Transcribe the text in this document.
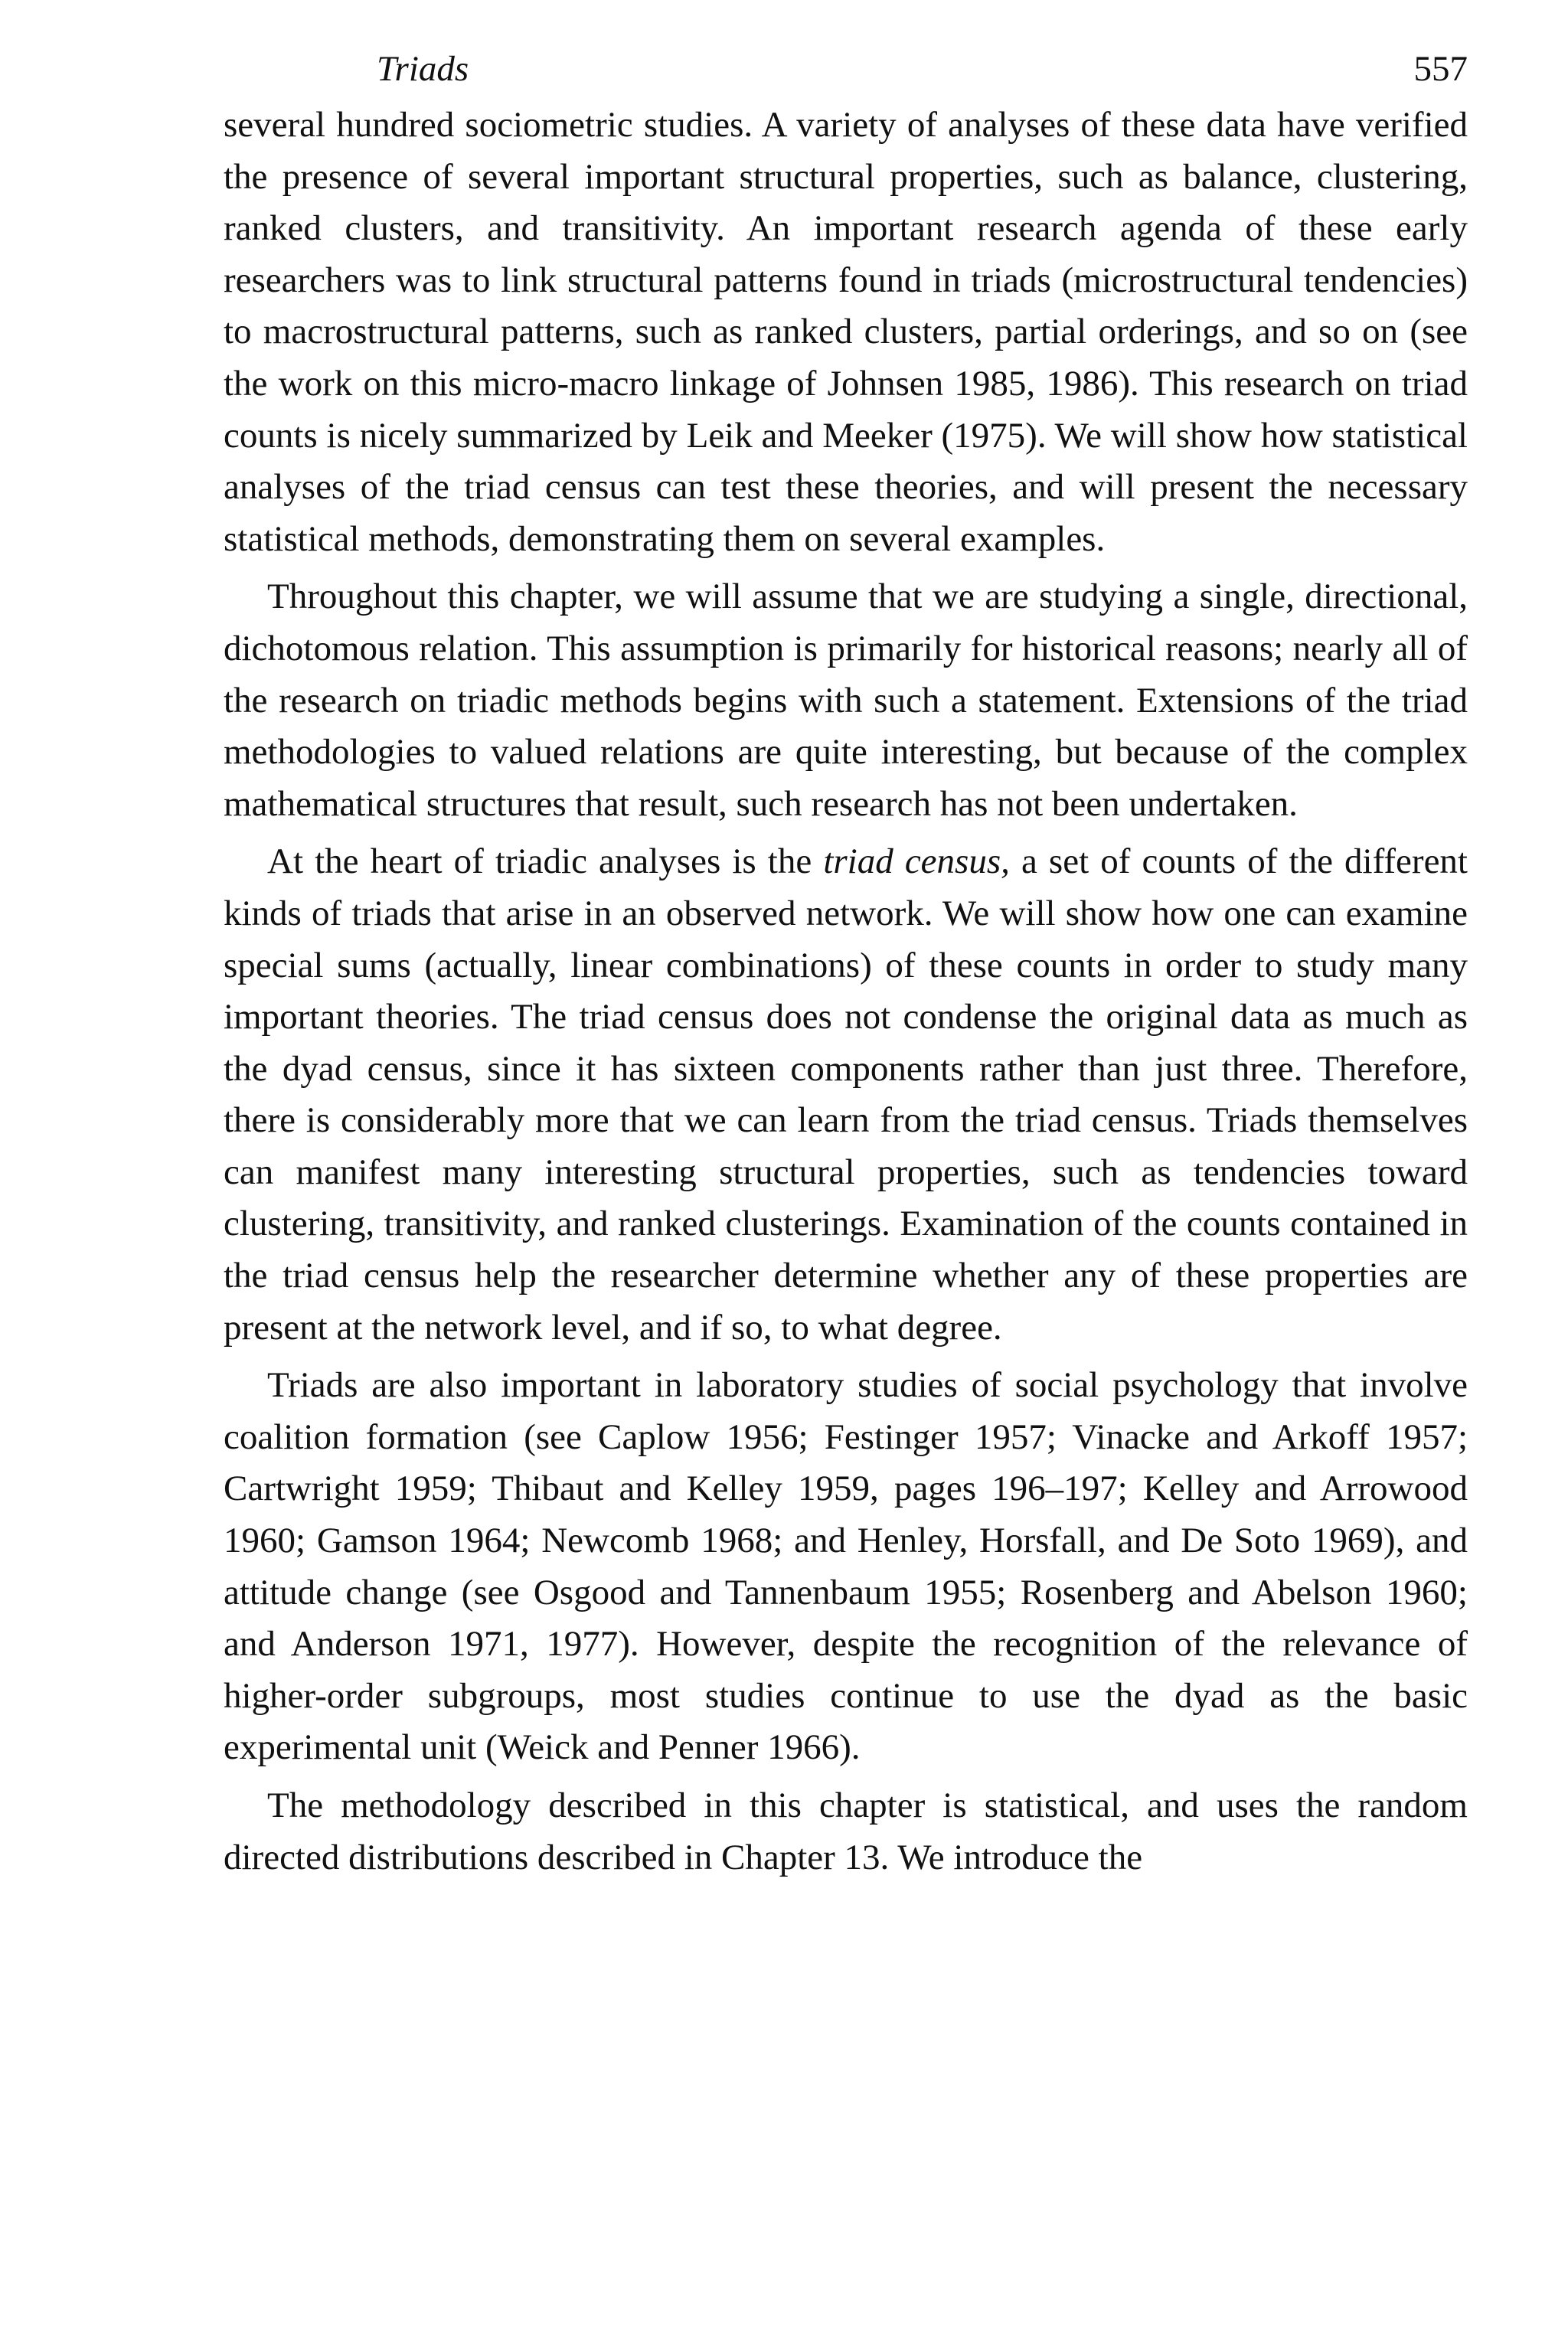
Triads	557

several hundred sociometric studies. A variety of analyses of these data have verified the presence of several important structural properties, such as balance, clustering, ranked clusters, and transitivity. An important research agenda of these early researchers was to link structural patterns found in triads (microstructural tendencies) to macrostructural patterns, such as ranked clusters, partial orderings, and so on (see the work on this micro-macro linkage of Johnsen 1985, 1986). This research on triad counts is nicely summarized by Leik and Meeker (1975). We will show how statistical analyses of the triad census can test these theories, and will present the necessary statistical methods, demonstrating them on several examples.

Throughout this chapter, we will assume that we are studying a single, directional, dichotomous relation. This assumption is primarily for historical reasons; nearly all of the research on triadic methods begins with such a statement. Extensions of the triad methodologies to valued relations are quite interesting, but because of the complex mathematical structures that result, such research has not been undertaken.

At the heart of triadic analyses is the triad census, a set of counts of the different kinds of triads that arise in an observed network. We will show how one can examine special sums (actually, linear combinations) of these counts in order to study many important theories. The triad census does not condense the original data as much as the dyad census, since it has sixteen components rather than just three. Therefore, there is considerably more that we can learn from the triad census. Triads themselves can manifest many interesting structural properties, such as tendencies toward clustering, transitivity, and ranked clusterings. Examination of the counts contained in the triad census help the researcher determine whether any of these properties are present at the network level, and if so, to what degree.

Triads are also important in laboratory studies of social psychology that involve coalition formation (see Caplow 1956; Festinger 1957; Vinacke and Arkoff 1957; Cartwright 1959; Thibaut and Kelley 1959, pages 196–197; Kelley and Arrowood 1960; Gamson 1964; Newcomb 1968; and Henley, Horsfall, and De Soto 1969), and attitude change (see Osgood and Tannenbaum 1955; Rosenberg and Abelson 1960; and Anderson 1971, 1977). However, despite the recognition of the relevance of higher-order subgroups, most studies continue to use the dyad as the basic experimental unit (Weick and Penner 1966).

The methodology described in this chapter is statistical, and uses the random directed distributions described in Chapter 13. We introduce the
